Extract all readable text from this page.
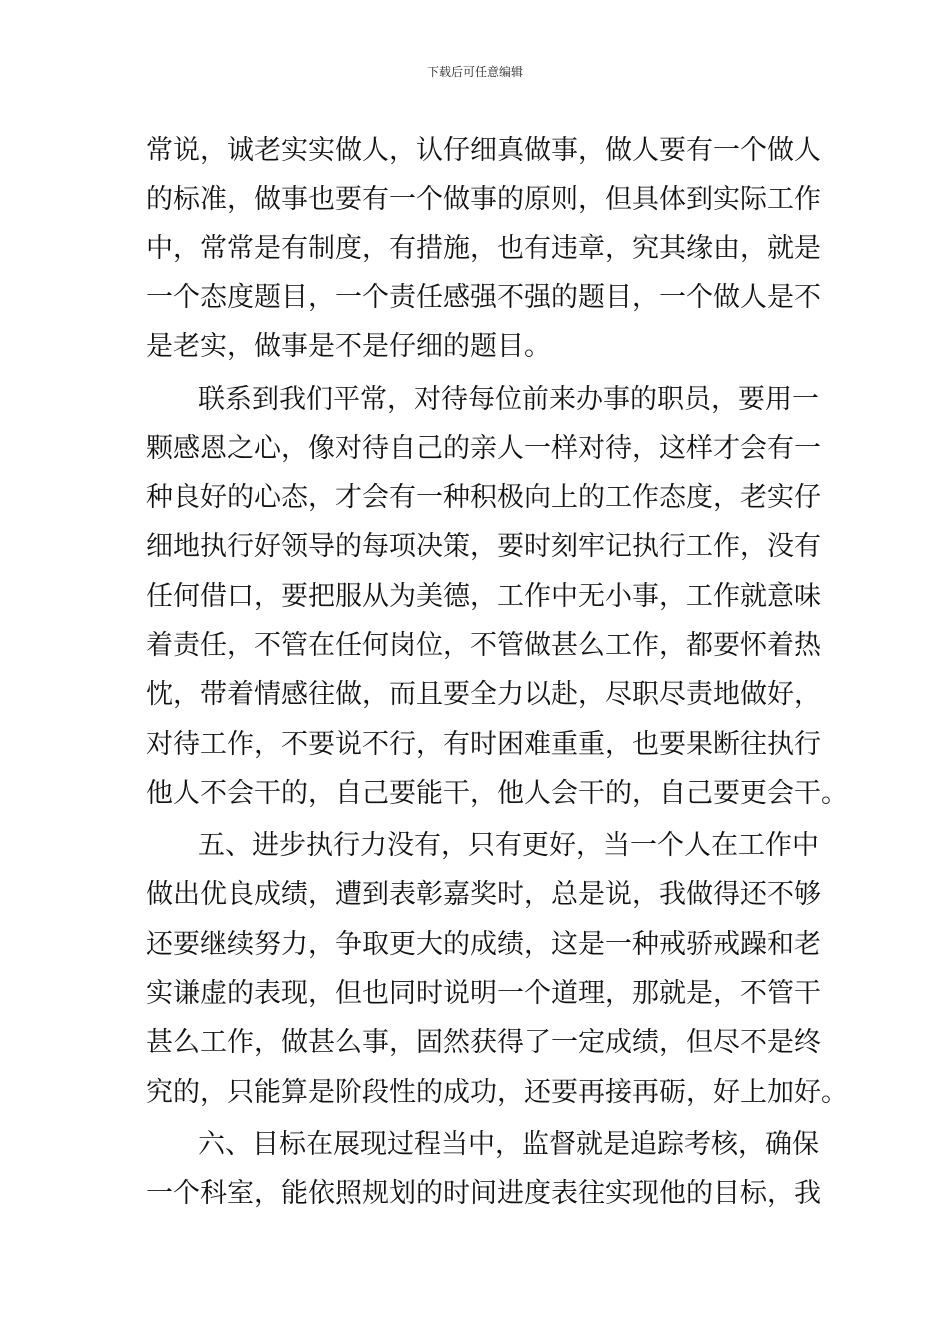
下载后可任意编辑
常说，诚老实实做人，认仔细真做事，做人要有一个做人
的标准，做事也要有一个做事的原则，但具体到实际工作
中，常常是有制度，有措施，也有违章，究其缘由，就是
一个态度题目，一个责任感强不强的题目，一个做人是不
是老实，做事是不是仔细的题目。
联系到我们平常，对待每位前来办事的职员，要用一
颗感恩之心，像对待自己的亲人一样对待，这样才会有一
种良好的心态，才会有一种积极向上的工作态度，老实仔
细地执行好领导的每项决策，要时刻牢记执行工作，没有
任何借口，要把服从为美德，工作中无小事，工作就意味
着责任，不管在任何岗位，不管做甚么工作，都要怀着热
忱，带着情感往做，而且要全力以赴，尽职尽责地做好，
对待工作，不要说不行，有时困难重重，也要果断往执行
他人不会干的，自己要能干，他人会干的，自己要更会干。
五、进步执行力没有，只有更好，当一个人在工作中
做出优良成绩，遭到表彰嘉奖时，总是说，我做得还不够
还要继续努力，争取更大的成绩，这是一种戒骄戒躁和老
实谦虚的表现，但也同时说明一个道理，那就是，不管干
甚么工作，做甚么事，固然获得了一定成绩，但尽不是终
究的，只能算是阶段性的成功，还要再接再砺，好上加好。
六、目标在展现过程当中，监督就是追踪考核，确保
一个科室，能依照规划的时间进度表往实现他的目标，我
